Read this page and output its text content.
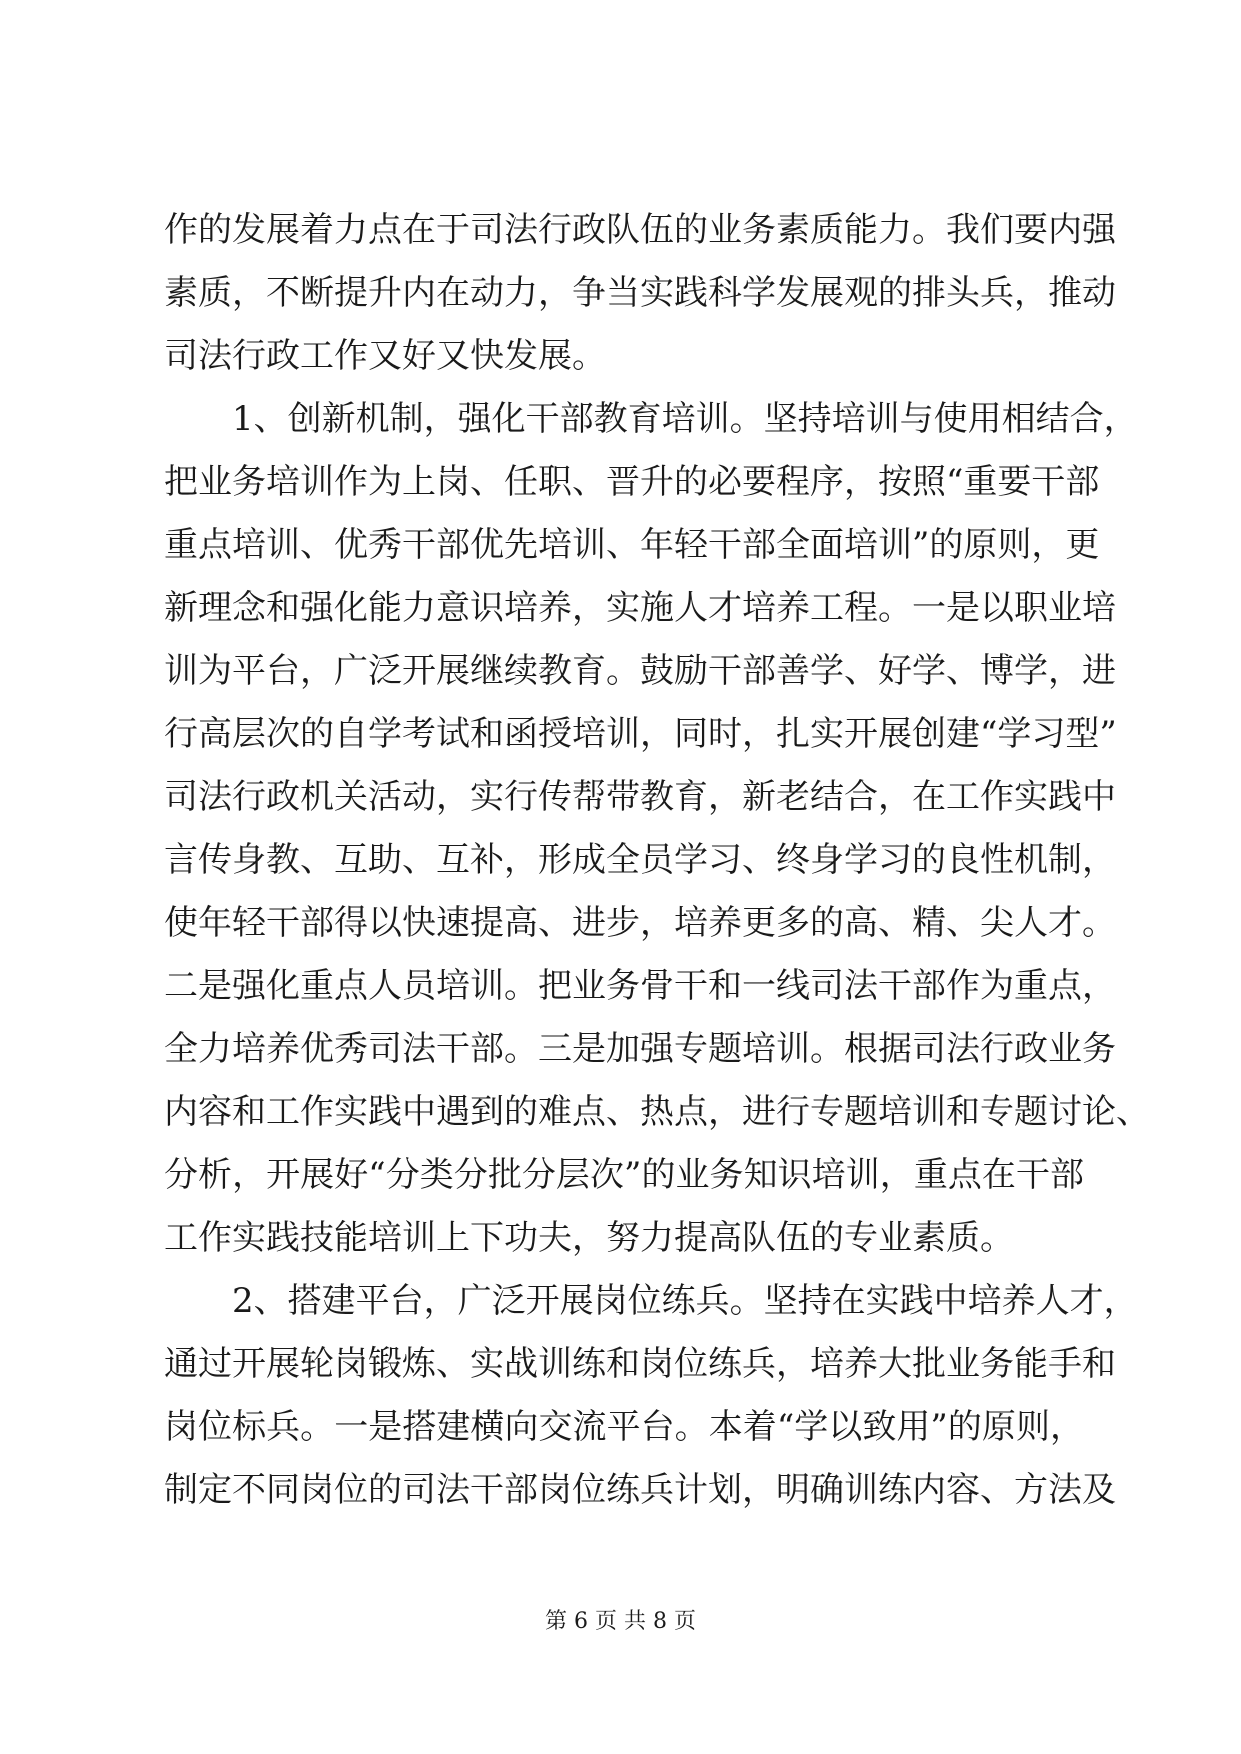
作的发展着力点在于司法行政队伍的业务素质能力。我们要内强
素质，不断提升内在动力，争当实践科学发展观的排头兵，推动
司法行政工作又好又快发展。
1、创新机制，强化干部教育培训。坚持培训与使用相结合，
把业务培训作为上岗、任职、晋升的必要程序，按照“重要干部
重点培训、优秀干部优先培训、年轻干部全面培训”的原则，更
新理念和强化能力意识培养，实施人才培养工程。一是以职业培
训为平台，广泛开展继续教育。鼓励干部善学、好学、博学，进
行高层次的自学考试和函授培训，同时，扎实开展创建“学习型”
司法行政机关活动，实行传帮带教育，新老结合，在工作实践中
言传身教、互助、互补，形成全员学习、终身学习的良性机制，
使年轻干部得以快速提高、进步，培养更多的高、精、尖人才。
二是强化重点人员培训。把业务骨干和一线司法干部作为重点，
全力培养优秀司法干部。三是加强专题培训。根据司法行政业务
内容和工作实践中遇到的难点、热点，进行专题培训和专题讨论、
分析，开展好“分类分批分层次”的业务知识培训，重点在干部
工作实践技能培训上下功夫，努力提高队伍的专业素质。
2、搭建平台，广泛开展岗位练兵。坚持在实践中培养人才，
通过开展轮岗锻炼、实战训练和岗位练兵，培养大批业务能手和
岗位标兵。一是搭建横向交流平台。本着“学以致用”的原则，
制定不同岗位的司法干部岗位练兵计划，明确训练内容、方法及
第 6 页 共 8 页
